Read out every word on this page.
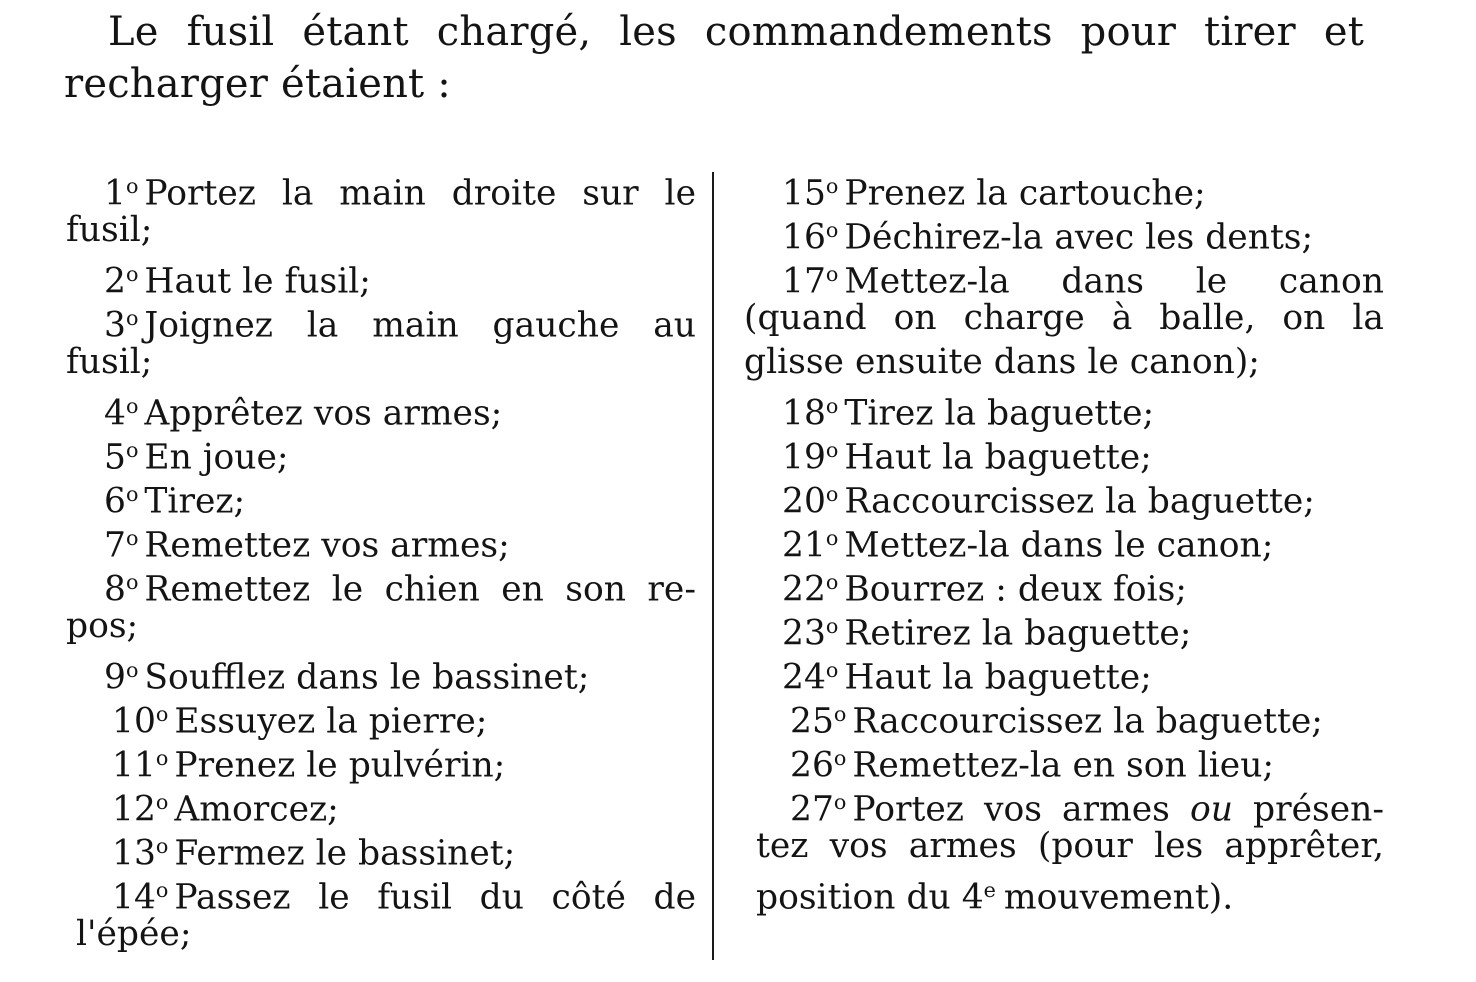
Le fusil étant chargé, les commandements pour tirer et
recharger étaient :
1$^o$ Portez la main droite sur le
fusil;
2$^o$ Haut le fusil;
3$^o$ Joignez la main gauche au
fusil;
4$^o$ Apprêtez vos armes;
5$^o$ En joue;
6$^o$ Tirez;
7$^o$ Remettez vos armes;
8$^o$ Remettez le chien en son re-
pos;
9$^o$ Soufflez dans le bassinet;
10$^o$ Essuyez la pierre;
11$^o$ Prenez le pulvérin;
12$^o$ Amorcez;
13$^o$ Fermez le bassinet;
14$^o$ Passez le fusil du côté de
l'épée;
15$^o$ Prenez la cartouche;
16$^o$ Déchirez-la avec les dents;
17$^o$ Mettez-la dans le canon
(quand on charge à balle, on la
glisse ensuite dans le canon);
18$^o$ Tirez la baguette;
19$^o$ Haut la baguette;
20$^o$ Raccourcissez la baguette;
21$^o$ Mettez-la dans le canon;
22$^o$ Bourrez : deux fois;
23$^o$ Retirez la baguette;
24$^o$ Haut la baguette;
25$^o$ Raccourcissez la baguette;
26$^o$ Remettez-la en son lieu;
27$^o$ Portez vos armes ou présen-
tez vos armes (pour les apprêter,
position du 4e mouvement).
